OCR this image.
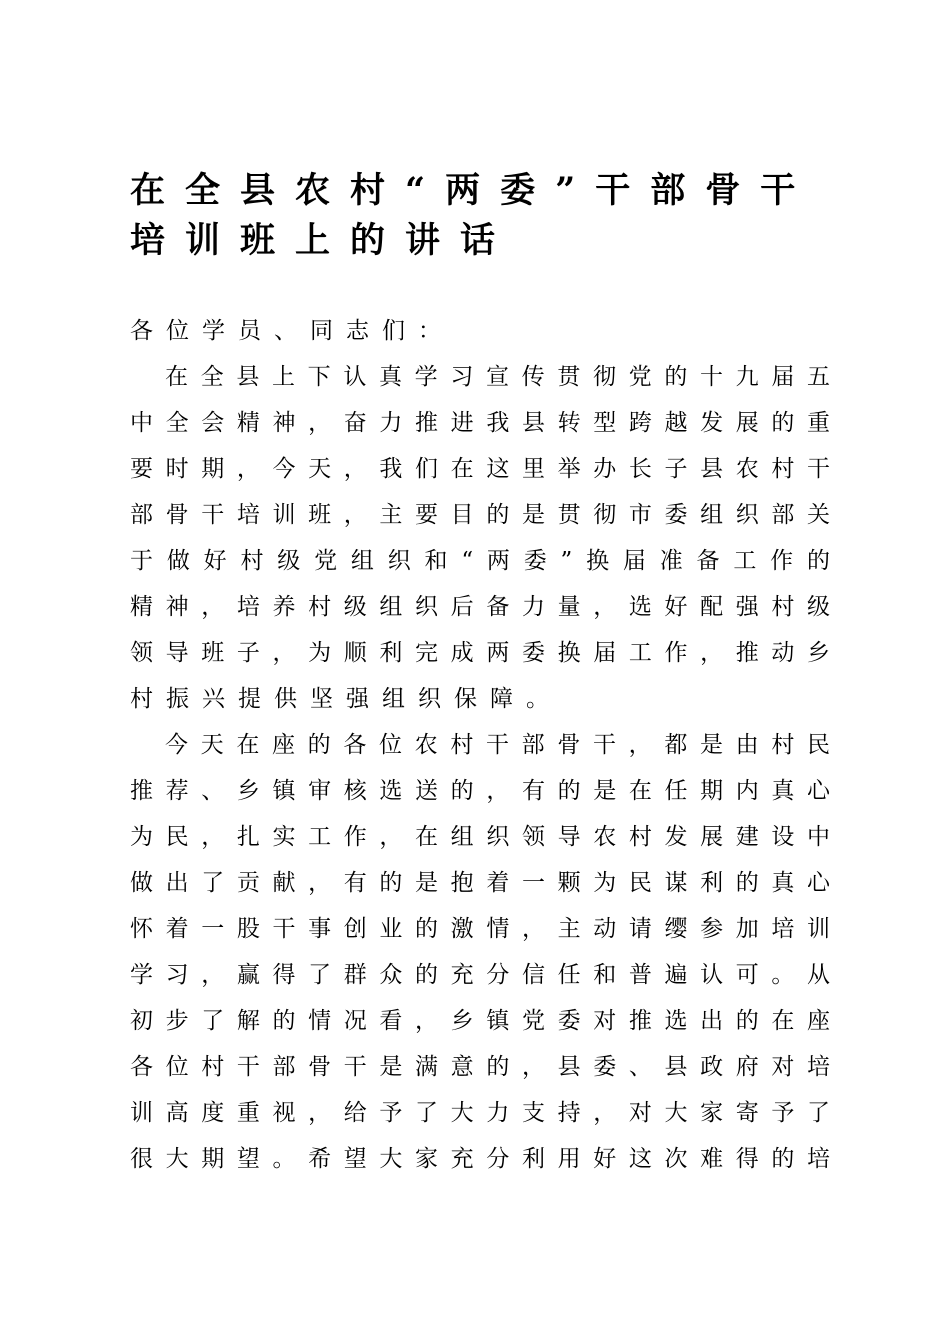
在全县农村“两委”干部骨干
培训班上的讲话
各位学员、同志们：
在全县上下认真学习宣传贯彻党的十九届五
中全会精神，奋力推进我县转型跨越发展的重
要时期，今天，我们在这里举办长子县农村干
部骨干培训班，主要目的是贯彻市委组织部关
于做好村级党组织和“两委”换届准备工作的
精神，培养村级组织后备力量，选好配强村级
领导班子，为顺利完成两委换届工作，推动乡
村振兴提供坚强组织保障。
今天在座的各位农村干部骨干，都是由村民
推荐、乡镇审核选送的，有的是在任期内真心
为民，扎实工作，在组织领导农村发展建设中
做出了贡献，有的是抱着一颗为民谋利的真心
怀着一股干事创业的激情，主动请缨参加培训
学习，赢得了群众的充分信任和普遍认可。从
初步了解的情况看，乡镇党委对推选出的在座
各位村干部骨干是满意的，县委、县政府对培
训高度重视，给予了大力支持，对大家寄予了
很大期望。希望大家充分利用好这次难得的培
